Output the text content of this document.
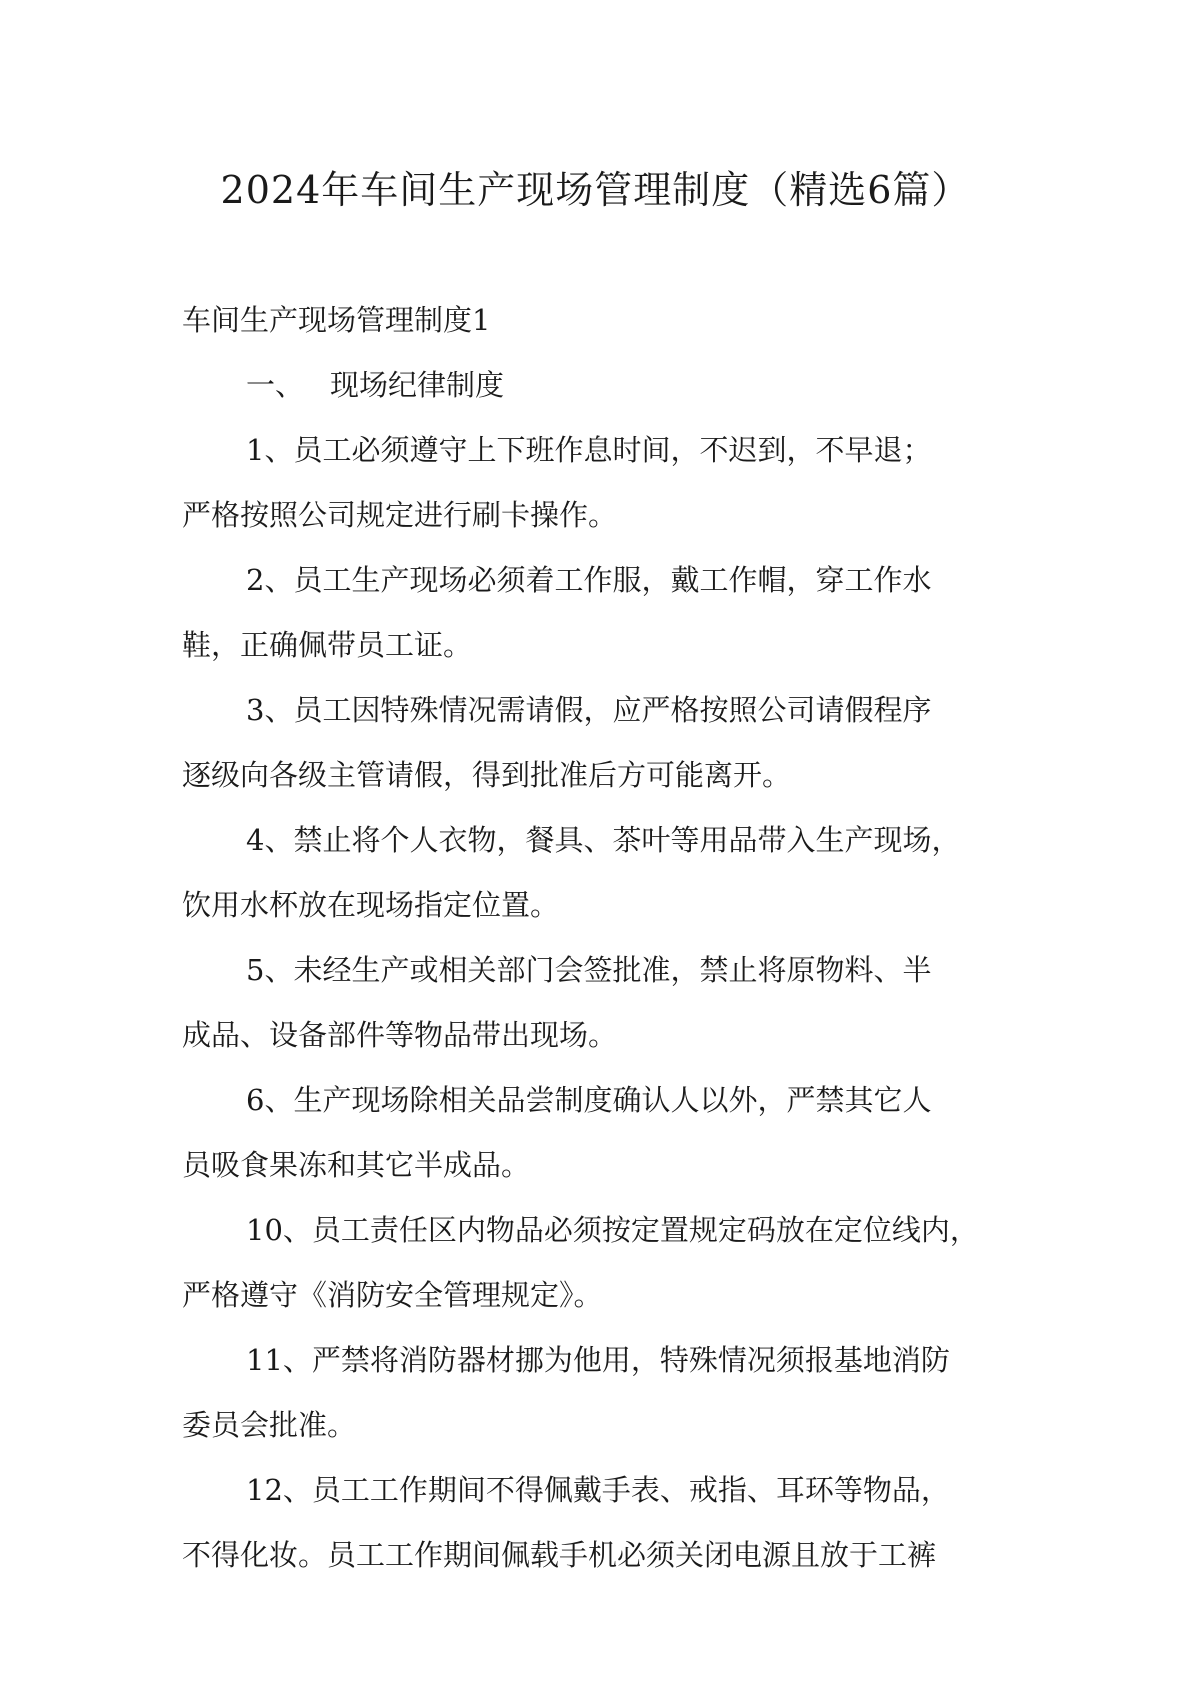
2024年车间生产现场管理制度（精选6篇）

车间生产现场管理制度1

一、 现场纪律制度

1、员工必须遵守上下班作息时间，不迟到，不早退；

严格按照公司规定进行刷卡操作。

2、员工生产现场必须着工作服，戴工作帽，穿工作水

鞋，正确佩带员工证。

3、员工因特殊情况需请假，应严格按照公司请假程序

逐级向各级主管请假，得到批准后方可能离开。

4、禁止将个人衣物，餐具、茶叶等用品带入生产现场，

饮用水杯放在现场指定位置。

5、未经生产或相关部门会签批准，禁止将原物料、半

成品、设备部件等物品带出现场。

6、生产现场除相关品尝制度确认人以外，严禁其它人

员吸食果冻和其它半成品。

10、员工责任区内物品必须按定置规定码放在定位线内，

严格遵守《消防安全管理规定》。

11、严禁将消防器材挪为他用，特殊情况须报基地消防

委员会批准。

12、员工工作期间不得佩戴手表、戒指、耳环等物品，

不得化妆。员工工作期间佩载手机必须关闭电源且放于工裤
